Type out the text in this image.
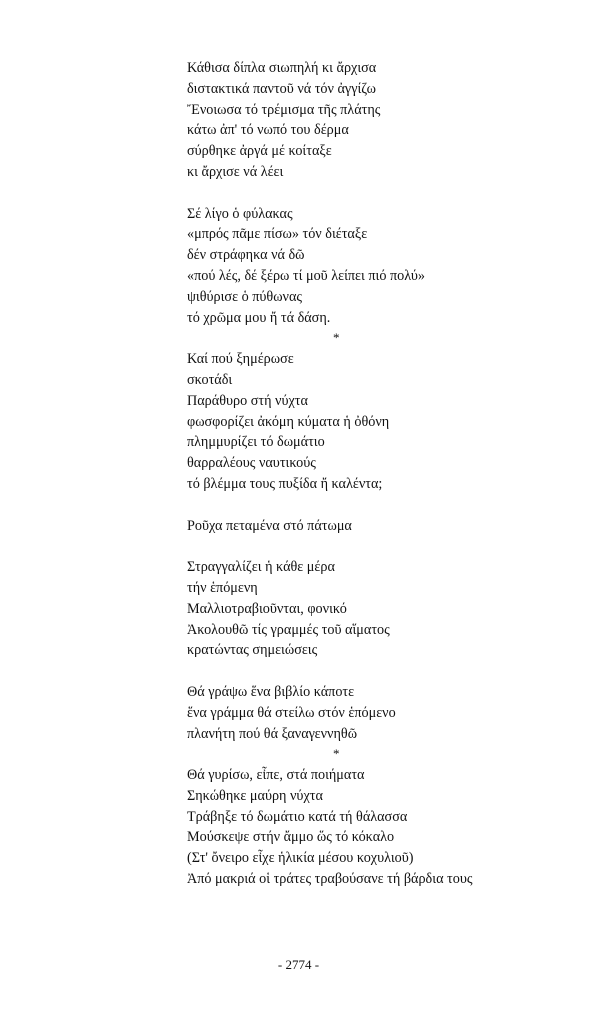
Κάθισα δίπλα σιωπηλή κι ἄρχισα
διστακτικά παντοῦ νά τόν ἀγγίζω
Ἔνοιωσα τό τρέμισμα τῆς πλάτης
κάτω ἀπ' τό νωπό του δέρμα
σύρθηκε ἀργά μέ κοίταξε
κι ἄρχισε νά λέει
Σέ λίγο ὁ φύλακας
«μπρός πᾶμε πίσω» τόν διέταξε
δέν στράφηκα νά δῶ
«πού λές, δέ ξέρω τί μοῦ λείπει πιό πολύ»
ψιθύρισε ὁ πύθωνας
τό χρῶμα μου ἤ τά δάση.
*
Καί πού ξημέρωσε
σκοτάδι
Παράθυρο στή νύχτα
φωσφορίζει ἀκόμη κύματα ἡ ὀθόνη
πλημμυρίζει τό δωμάτιο
θαρραλέους ναυτικούς
τό βλέμμα τους πυξίδα ἤ καλέντα;
Ροῦχα πεταμένα στό πάτωμα
Στραγγαλίζει ἡ κάθε μέρα
τήν ἑπόμενη
Μαλλιοτραβιοῦνται, φονικό
Ἀκολουθῶ τίς γραμμές τοῦ αἵματος
κρατώντας σημειώσεις
Θά γράψω ἕνα βιβλίο κάποτε
ἕνα γράμμα θά στείλω στόν ἑπόμενο
πλανήτη πού θά ξαναγεννηθῶ
*
Θά γυρίσω, εἶπε, στά ποιήματα
Σηκώθηκε μαύρη νύχτα
Τράβηξε τό δωμάτιο κατά τή θάλασσα
Μούσκεψε στήν ἄμμο ὥς τό κόκαλο
(Στ' ὄνειρο εἶχε ἡλικία μέσου κοχυλιοῦ)
Ἀπό μακριά οἱ τράτες τραβούσανε τή βάρδια τους
- 2774 -
